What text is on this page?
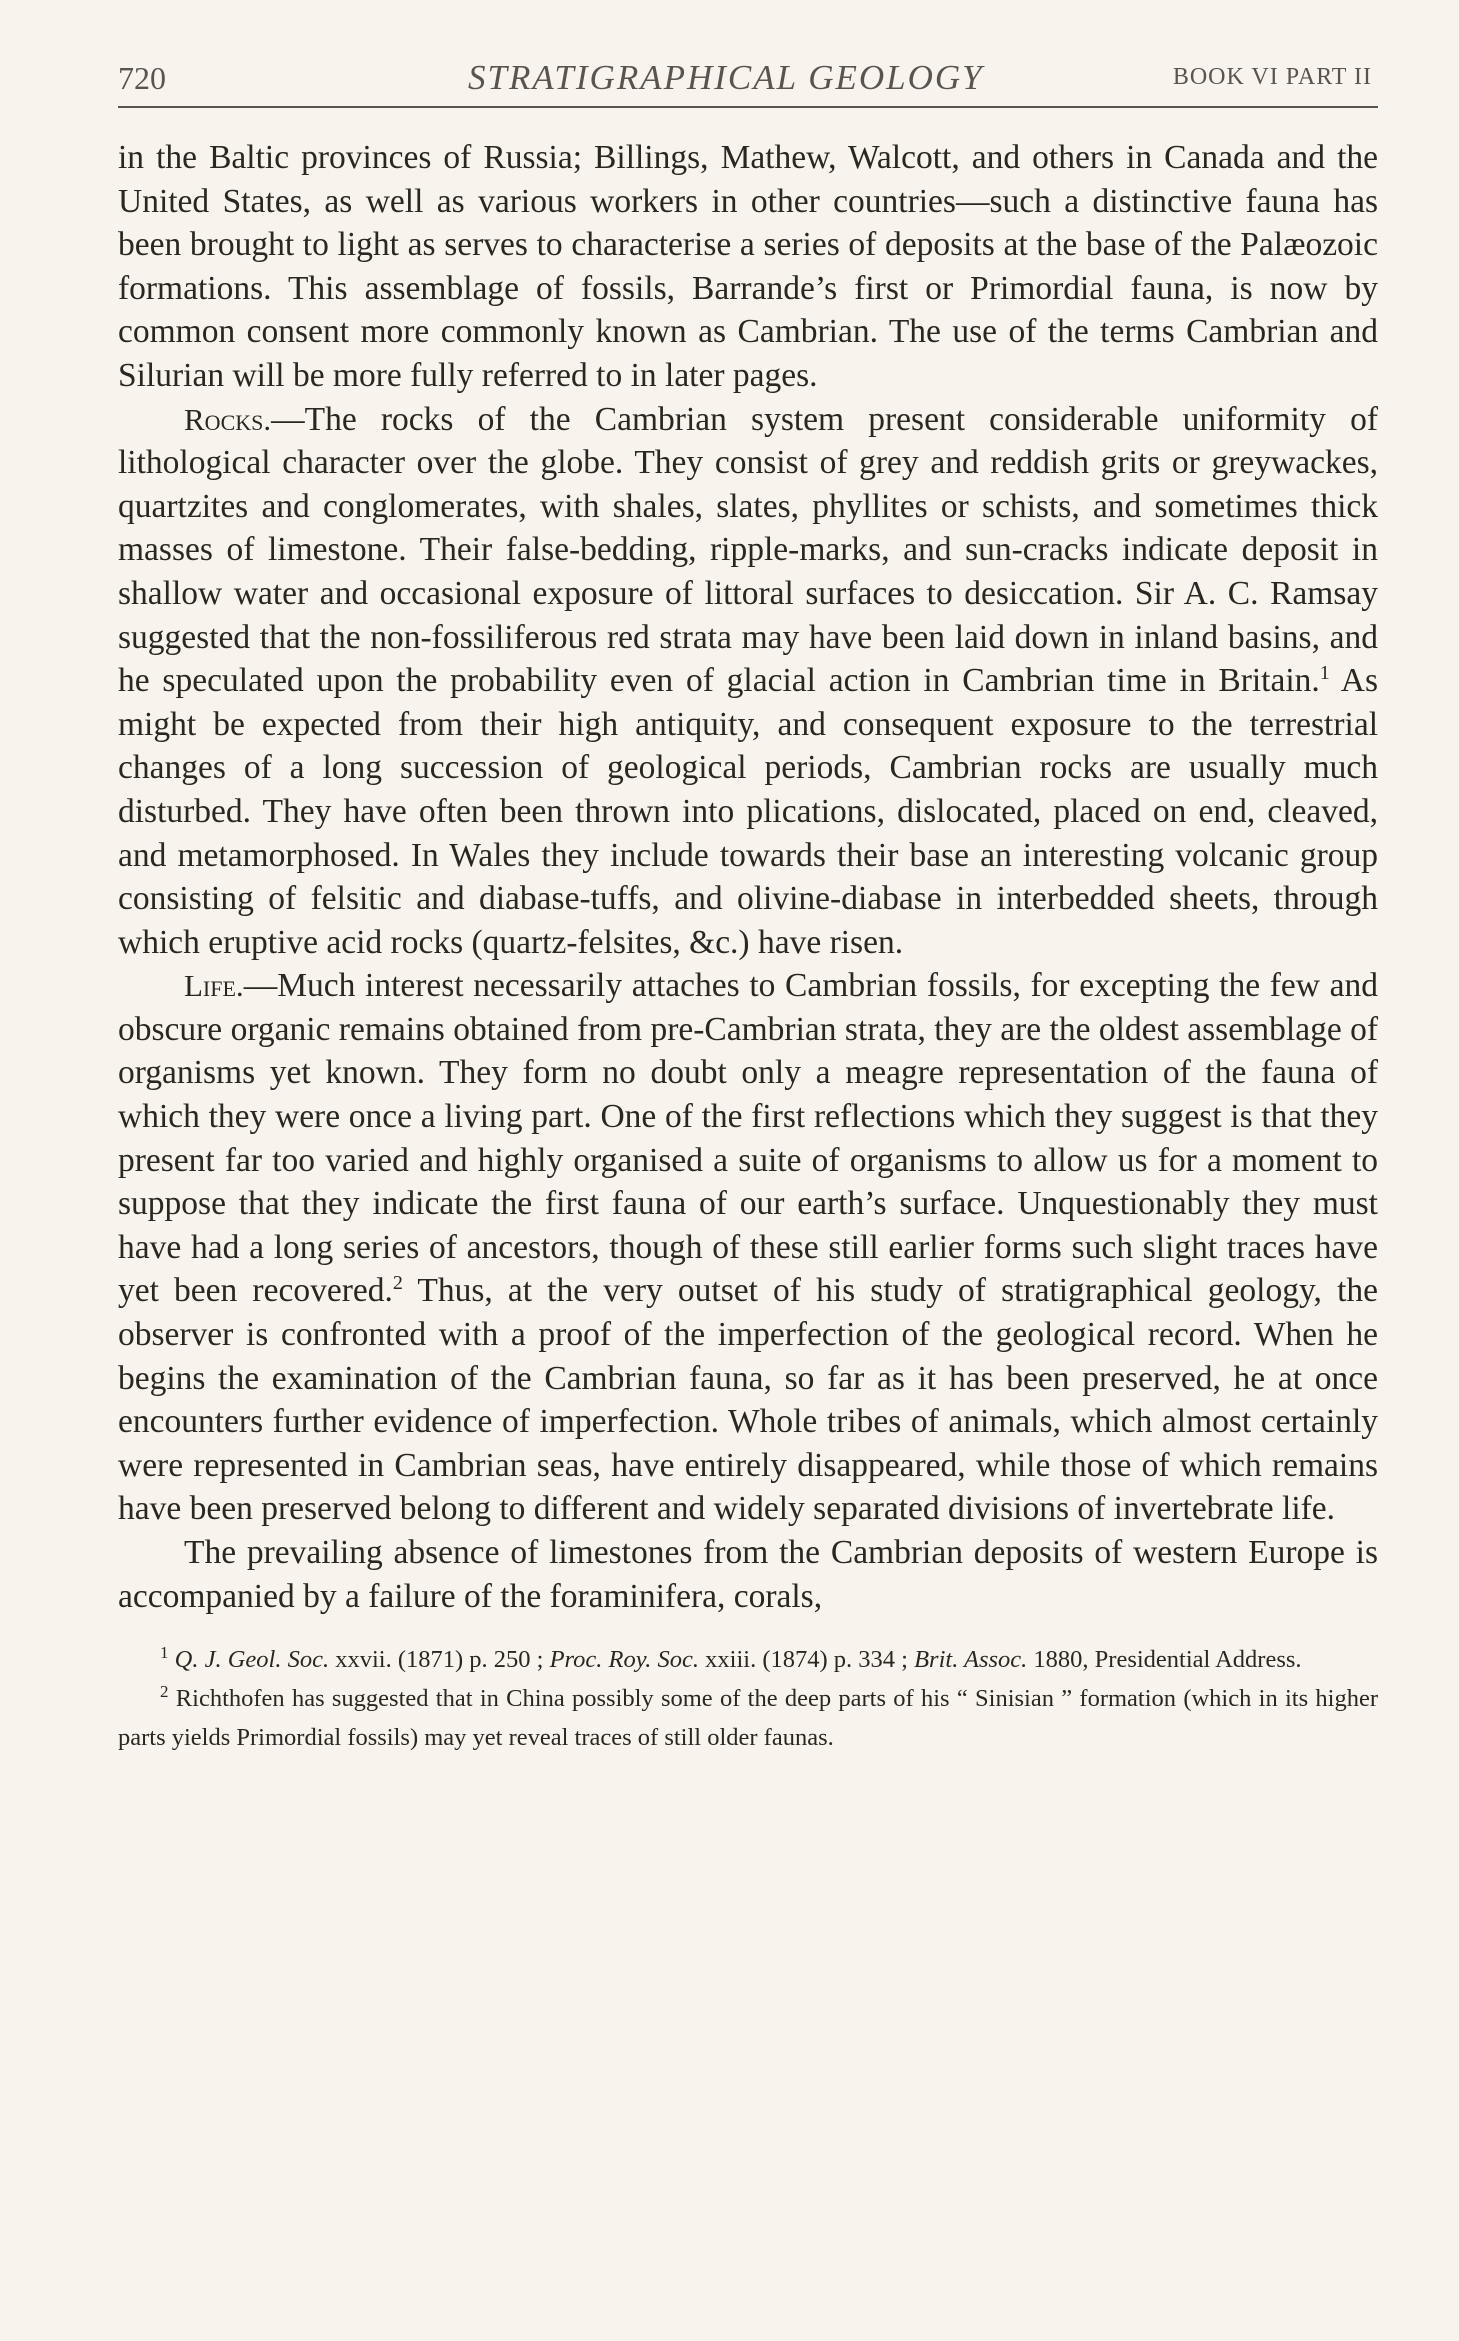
720	STRATIGRAPHICAL GEOLOGY	BOOK VI PART II

in the Baltic provinces of Russia; Billings, Mathew, Walcott, and others in Canada and the United States, as well as various workers in other countries—such a distinctive fauna has been brought to light as serves to characterise a series of deposits at the base of the Palæozoic formations. This assemblage of fossils, Barrande’s first or Primordial fauna, is now by common consent more commonly known as Cambrian. The use of the terms Cambrian and Silurian will be more fully referred to in later pages.

Rocks.—The rocks of the Cambrian system present considerable uniformity of lithological character over the globe. They consist of grey and reddish grits or greywackes, quartzites and conglomerates, with shales, slates, phyllites or schists, and sometimes thick masses of limestone. Their false-bedding, ripple-marks, and sun-cracks indicate deposit in shallow water and occasional exposure of littoral surfaces to desiccation. Sir A. C. Ramsay suggested that the non-fossiliferous red strata may have been laid down in inland basins, and he speculated upon the probability even of glacial action in Cambrian time in Britain.$^1$ As might be expected from their high antiquity, and consequent exposure to the terrestrial changes of a long succession of geological periods, Cambrian rocks are usually much disturbed. They have often been thrown into plications, dislocated, placed on end, cleaved, and metamorphosed. In Wales they include towards their base an interesting volcanic group consisting of felsitic and diabase-tuffs, and olivine-diabase in interbedded sheets, through which eruptive acid rocks (quartz-felsites, &c.) have risen.

Life.—Much interest necessarily attaches to Cambrian fossils, for excepting the few and obscure organic remains obtained from pre-Cambrian strata, they are the oldest assemblage of organisms yet known. They form no doubt only a meagre representation of the fauna of which they were once a living part. One of the first reflections which they suggest is that they present far too varied and highly organised a suite of organisms to allow us for a moment to suppose that they indicate the first fauna of our earth’s surface. Unquestionably they must have had a long series of ancestors, though of these still earlier forms such slight traces have yet been recovered.$^2$ Thus, at the very outset of his study of stratigraphical geology, the observer is confronted with a proof of the imperfection of the geological record. When he begins the examination of the Cambrian fauna, so far as it has been preserved, he at once encounters further evidence of imperfection. Whole tribes of animals, which almost certainly were represented in Cambrian seas, have entirely disappeared, while those of which remains have been preserved belong to different and widely separated divisions of invertebrate life.

The prevailing absence of limestones from the Cambrian deposits of western Europe is accompanied by a failure of the foraminifera, corals,

$^1$ Q. J. Geol. Soc. xxvii. (1871) p. 250 ; Proc. Roy. Soc. xxiii. (1874) p. 334 ; Brit. Assoc. 1880, Presidential Address.

$^2$ Richthofen has suggested that in China possibly some of the deep parts of his “ Sinisian ” formation (which in its higher parts yields Primordial fossils) may yet reveal traces of still older faunas.
